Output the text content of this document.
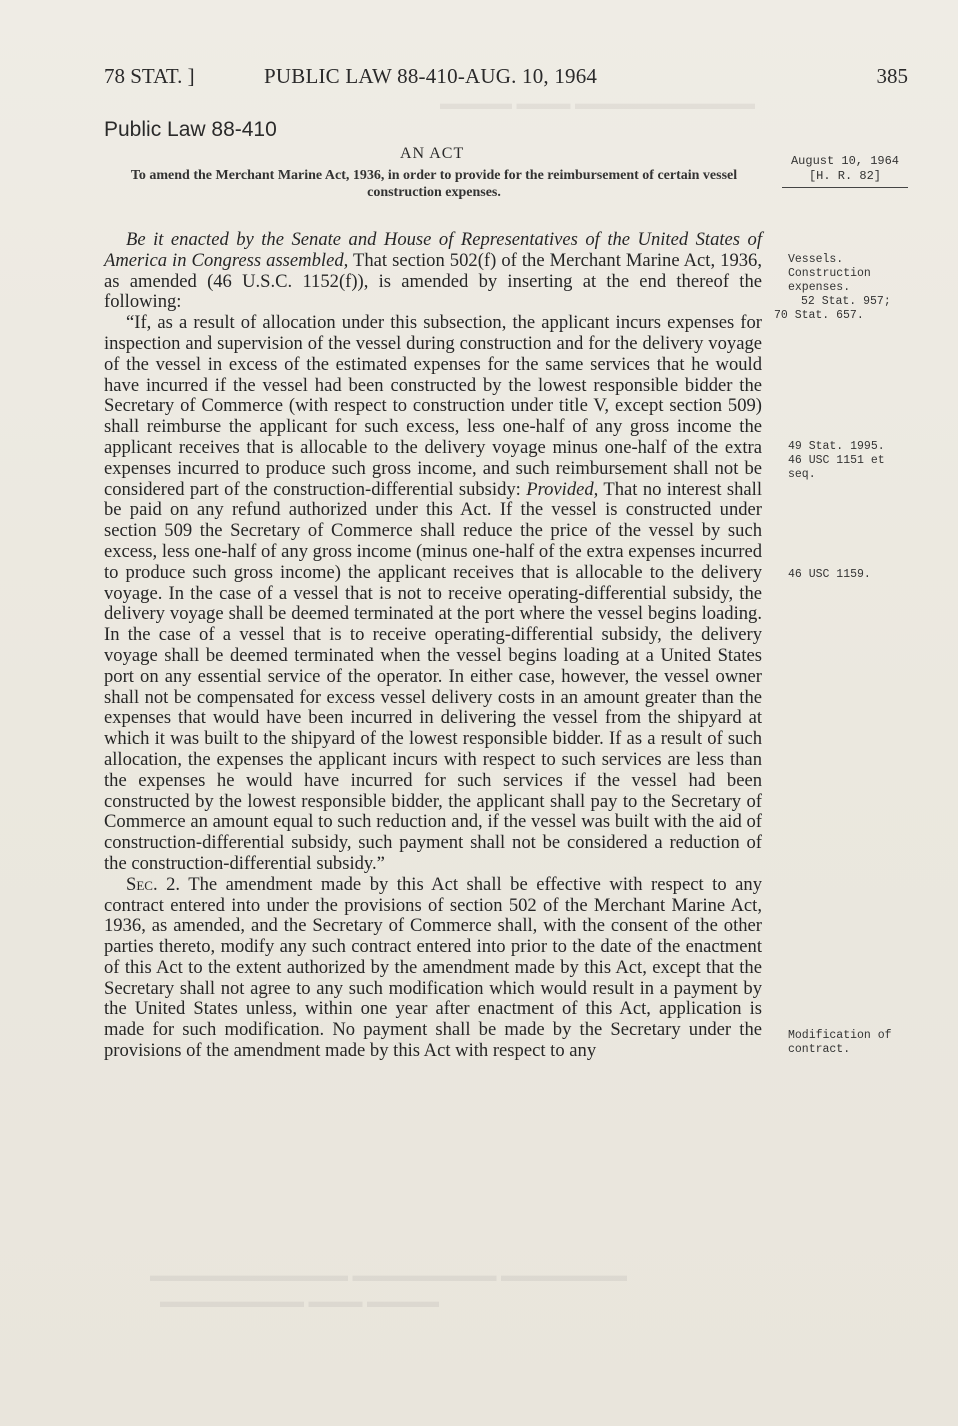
▬▬▬▬ ▬▬▬ ▬▬▬▬▬▬▬▬▬▬
▬▬▬▬▬▬▬▬▬▬▬ ▬▬▬▬▬▬▬▬ ▬▬▬▬▬▬▬
▬▬▬▬▬▬▬▬ ▬▬▬ ▬▬▬▬
78 STAT. ]	PUBLIC LAW 88-410-AUG. 10, 1964	385
Public Law 88-410
AN ACT
To amend the Merchant Marine Act, 1936, in order to provide for the reimbursement of certain vessel construction expenses.
August 10, 1964
[H. R. 82]

Be it enacted by the Senate and House of Representatives of the United States of America in Congress assembled, That section 502(f) of the Merchant Marine Act, 1936, as amended (46 U.S.C. 1152(f)), is amended by inserting at the end thereof the following:

“If, as a result of allocation under this subsection, the applicant incurs expenses for inspection and supervision of the vessel during construction and for the delivery voyage of the vessel in excess of the estimated expenses for the same services that he would have incurred if the vessel had been constructed by the lowest responsible bidder the Secretary of Commerce (with respect to construction under title V, except section 509) shall reimburse the applicant for such excess, less one-half of any gross income the applicant receives that is allocable to the delivery voyage minus one-half of the extra expenses incurred to produce such gross income, and such reimbursement shall not be considered part of the construction-differential subsidy: Provided, That no interest shall be paid on any refund authorized under this Act. If the vessel is constructed under section 509 the Secretary of Commerce shall reduce the price of the vessel by such excess, less one-half of any gross income (minus one-half of the extra expenses incurred to produce such gross income) the applicant receives that is allocable to the delivery voyage. In the case of a vessel that is not to receive operating-differential subsidy, the delivery voyage shall be deemed terminated at the port where the vessel begins loading. In the case of a vessel that is to receive operating-differential subsidy, the delivery voyage shall be deemed terminated when the vessel begins loading at a United States port on any essential service of the operator. In either case, however, the vessel owner shall not be compensated for excess vessel delivery costs in an amount greater than the expenses that would have been incurred in delivering the vessel from the shipyard at which it was built to the shipyard of the lowest responsible bidder. If as a result of such allocation, the expenses the applicant incurs with respect to such services are less than the expenses he would have incurred for such services if the vessel had been constructed by the lowest responsible bidder, the applicant shall pay to the Secretary of Commerce an amount equal to such reduction and, if the vessel was built with the aid of construction-differential subsidy, such payment shall not be considered a reduction of the construction-differential subsidy.”

Sec. 2. The amendment made by this Act shall be effective with respect to any contract entered into under the provisions of section 502 of the Merchant Marine Act, 1936, as amended, and the Secretary of Commerce shall, with the consent of the other parties thereto, modify any such contract entered into prior to the date of the enactment of this Act to the extent authorized by the amendment made by this Act, except that the Secretary shall not agree to any such modification which would result in a payment by the United States unless, within one year after enactment of this Act, application is made for such modification. No payment shall be made by the Secretary under the provisions of the amendment made by this Act with respect to any

Vessels.
Construction expenses.
52 Stat. 957;
70 Stat. 657.
49 Stat. 1995.
46 USC 1151 et seq.
46 USC 1159.
Modification of contract.
